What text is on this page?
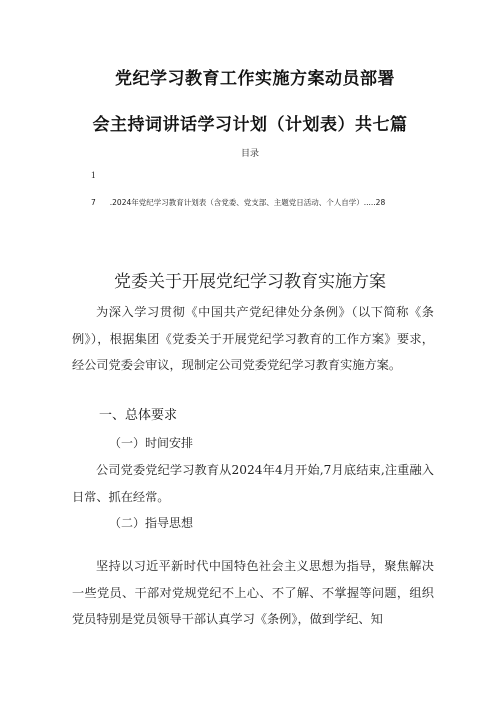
党纪学习教育工作实施方案动员部署
会主持词讲话学习计划（计划表）共七篇
目录
1
7 .2024年党纪学习教育计划表（含党委、党支部、主题党日活动、个人自学）.....28
党委关于开展党纪学习教育实施方案
为深入学习贯彻《中国共产党纪律处分条例》（以下简称《条例》），根据集团《党委关于开展党纪学习教育的工作方案》要求，经公司党委会审议，现制定公司党委党纪学习教育实施方案。
一、总体要求
（一）时间安排
公司党委党纪学习教育从2024年4月开始,7月底结束,注重融入日常、抓在经常。
（二）指导思想
坚持以习近平新时代中国特色社会主义思想为指导，聚焦解决一些党员、干部对党规党纪不上心、不了解、不掌握等问题，组织党员特别是党员领导干部认真学习《条例》，做到学纪、知
